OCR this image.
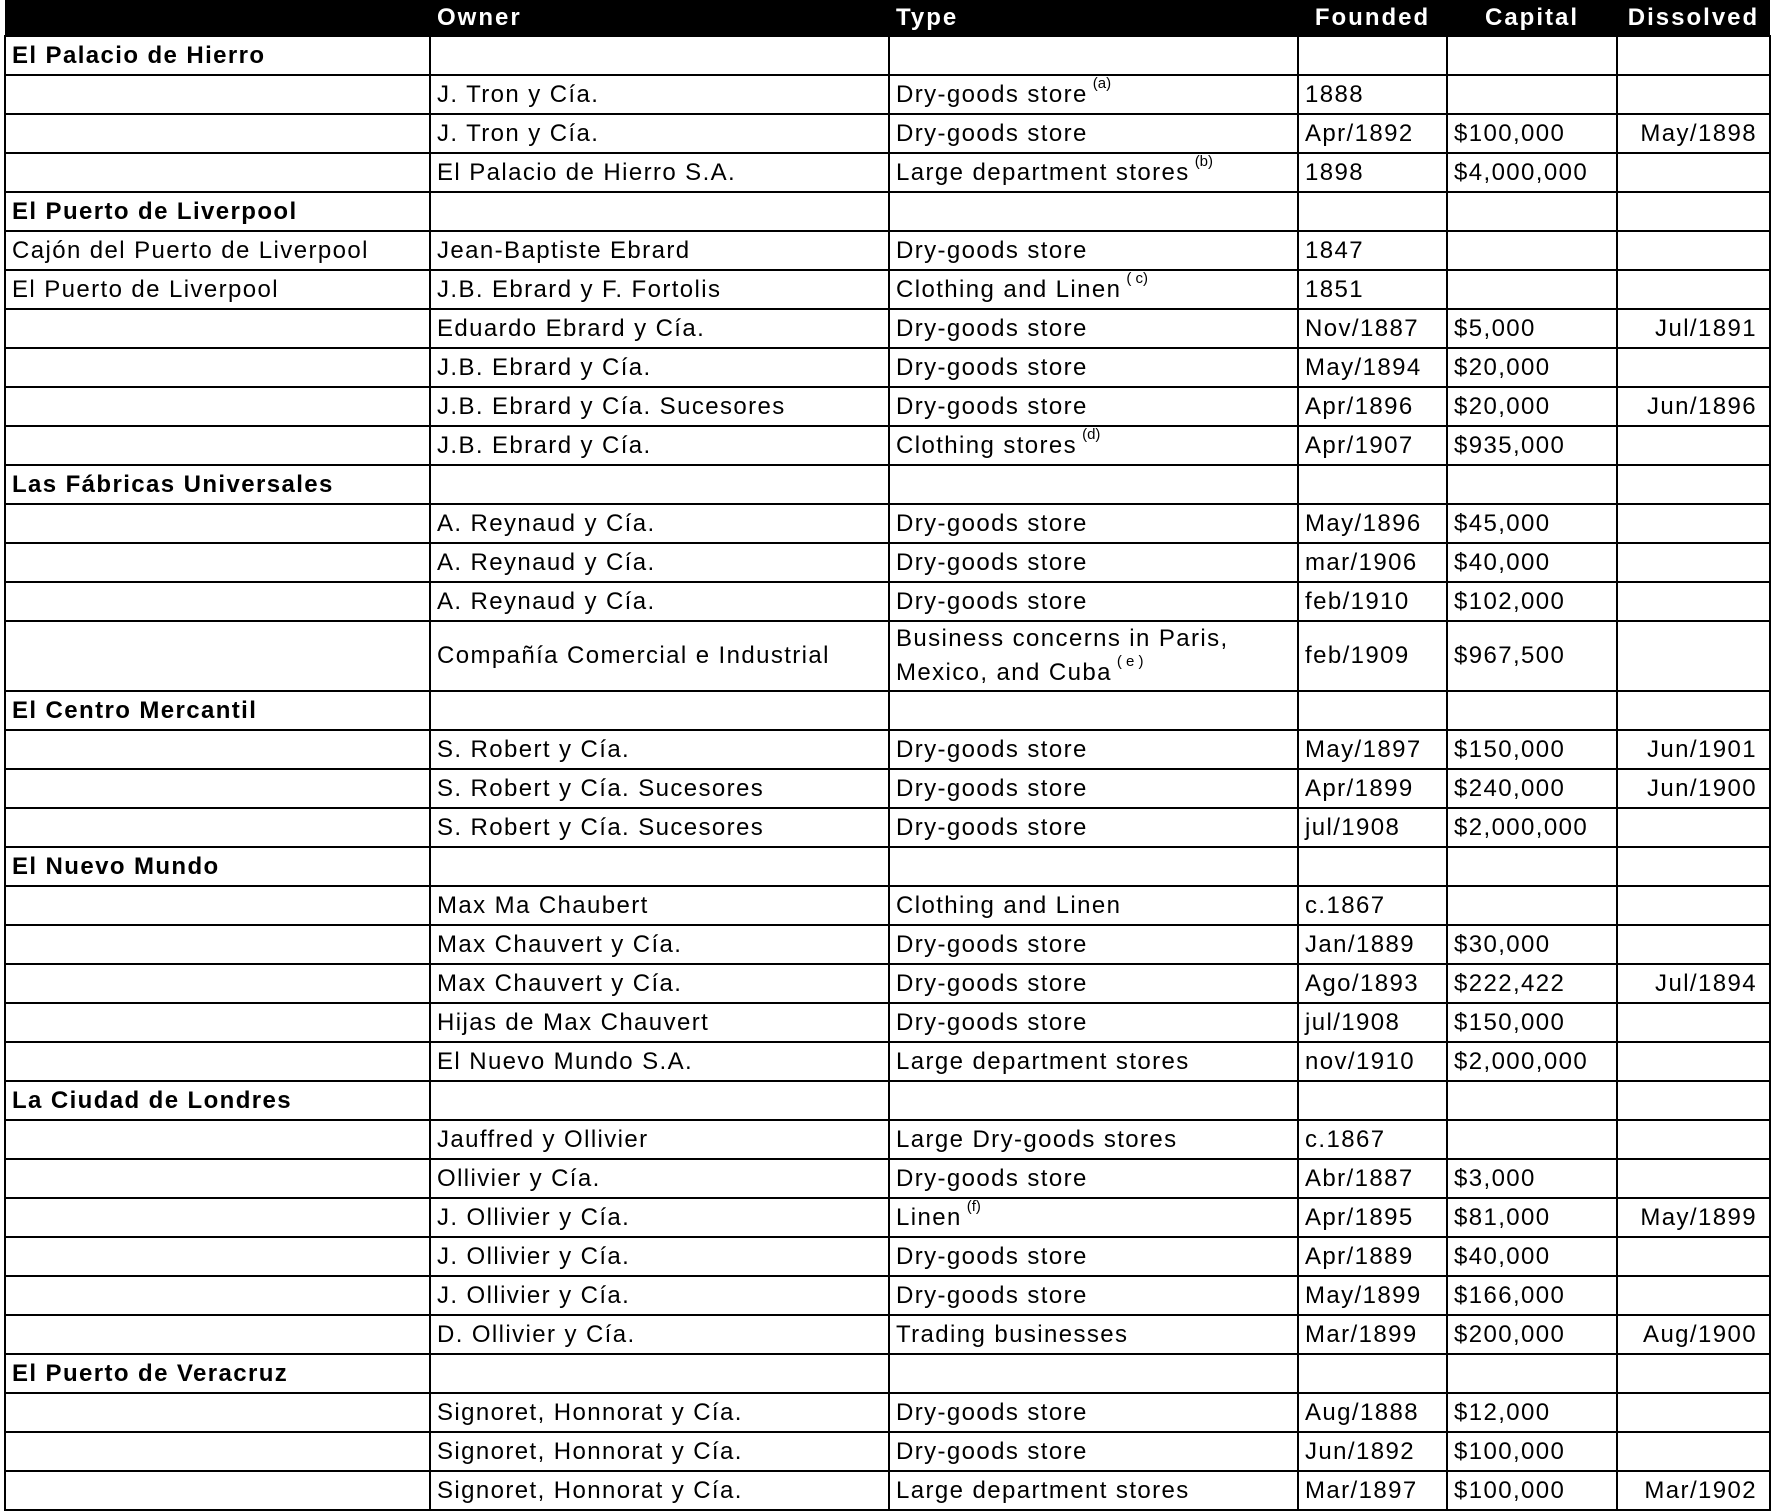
	Owner	Type	Founded	Capital	Dissolved
El Palacio de Hierro					
	J. Tron y Cía.	Dry-goods store $^{(a)}$	1888		
	J. Tron y Cía.	Dry-goods store	Apr/1892	$100,000	May/1898
	El Palacio de Hierro S.A.	Large department stores $^{(b)}$	1898	$4,000,000	
El Puerto de Liverpool					
Cajón del Puerto de Liverpool	Jean-Baptiste Ebrard	Dry-goods store	1847		
El Puerto de Liverpool	J.B. Ebrard y F. Fortolis	Clothing and Linen $^{( c)}$	1851		
	Eduardo Ebrard y Cía.	Dry-goods store	Nov/1887	$5,000	Jul/1891
	J.B. Ebrard y Cía.	Dry-goods store	May/1894	$20,000	
	J.B. Ebrard y Cía. Sucesores	Dry-goods store	Apr/1896	$20,000	Jun/1896
	J.B. Ebrard y Cía.	Clothing stores $^{(d)}$	Apr/1907	$935,000	
Las Fábricas Universales					
	A. Reynaud y Cía.	Dry-goods store	May/1896	$45,000	
	A. Reynaud y Cía.	Dry-goods store	mar/1906	$40,000	
	A. Reynaud y Cía.	Dry-goods store	feb/1910	$102,000	
	Compañía Comercial e Industrial	Business concerns in Paris, Mexico, and Cuba $^{( e )}$	feb/1909	$967,500	
El Centro Mercantil					
	S. Robert y Cía.	Dry-goods store	May/1897	$150,000	Jun/1901
	S. Robert y Cía. Sucesores	Dry-goods store	Apr/1899	$240,000	Jun/1900
	S. Robert y Cía. Sucesores	Dry-goods store	jul/1908	$2,000,000	
El Nuevo Mundo					
	Max Ma Chaubert	Clothing and Linen	c.1867		
	Max Chauvert y Cía.	Dry-goods store	Jan/1889	$30,000	
	Max Chauvert y Cía.	Dry-goods store	Ago/1893	$222,422	Jul/1894
	Hijas de Max Chauvert	Dry-goods store	jul/1908	$150,000	
	El Nuevo Mundo S.A.	Large department stores	nov/1910	$2,000,000	
La Ciudad de Londres					
	Jauffred y Ollivier	Large Dry-goods stores	c.1867		
	Ollivier y Cía.	Dry-goods store	Abr/1887	$3,000	
	J. Ollivier y Cía.	Linen $^{(f)}$	Apr/1895	$81,000	May/1899
	J. Ollivier y Cía.	Dry-goods store	Apr/1889	$40,000	
	J. Ollivier y Cía.	Dry-goods store	May/1899	$166,000	
	D. Ollivier y Cía.	Trading businesses	Mar/1899	$200,000	Aug/1900
El Puerto de Veracruz					
	Signoret, Honnorat y Cía.	Dry-goods store	Aug/1888	$12,000	
	Signoret, Honnorat y Cía.	Dry-goods store	Jun/1892	$100,000	
	Signoret, Honnorat y Cía.	Large department stores	Mar/1897	$100,000	Mar/1902
